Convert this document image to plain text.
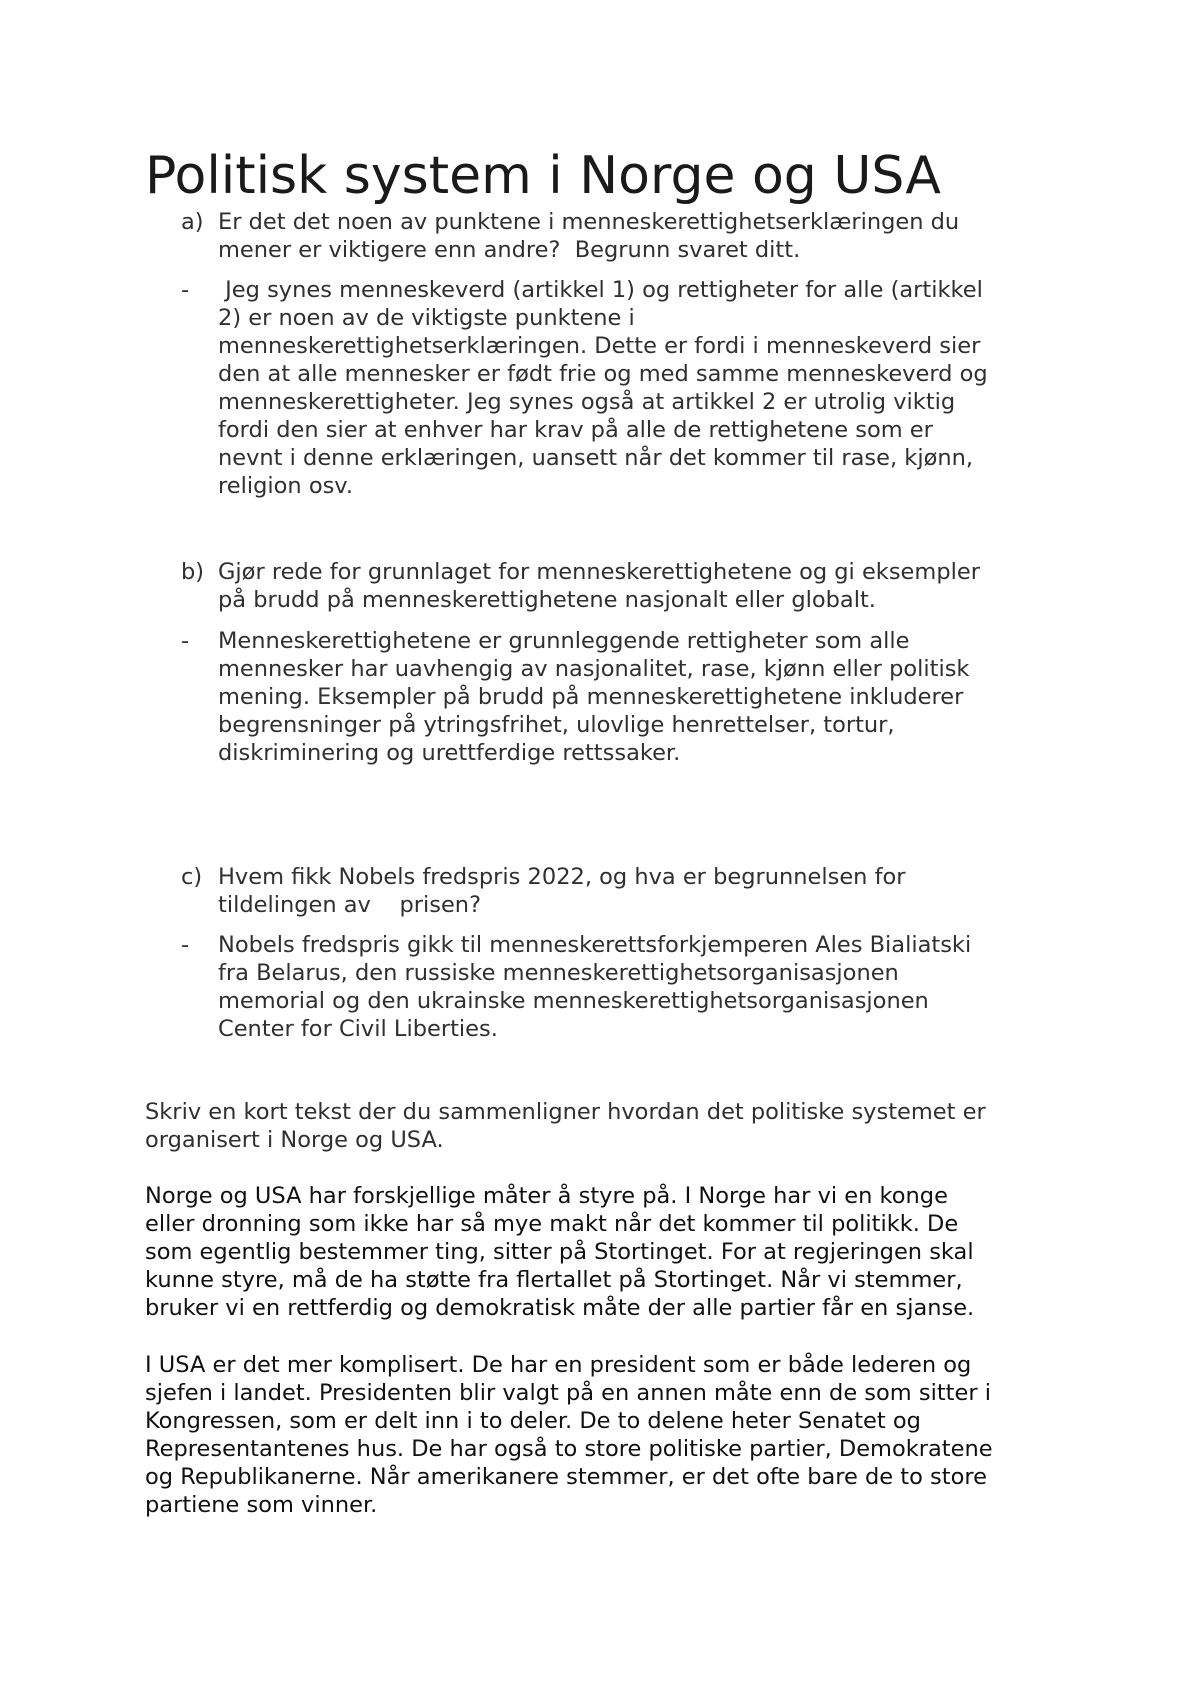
Politisk system i Norge og USA
a) Er det det noen av punktene i menneskerettighetserklæringen du
mener er viktigere enn andre?  Begrunn svaret ditt.
-	Jeg synes menneskeverd (artikkel 1) og rettigheter for alle (artikkel
2) er noen av de viktigste punktene i
menneskerettighetserklæringen. Dette er fordi i menneskeverd sier
den at alle mennesker er født frie og med samme menneskeverd og
menneskerettigheter. Jeg synes også at artikkel 2 er utrolig viktig
fordi den sier at enhver har krav på alle de rettighetene som er
nevnt i denne erklæringen, uansett når det kommer til rase, kjønn,
religion osv.
b) Gjør rede for grunnlaget for menneskerettighetene og gi eksempler
på brudd på menneskerettighetene nasjonalt eller globalt.
- Menneskerettighetene er grunnleggende rettigheter som alle
mennesker har uavhengig av nasjonalitet, rase, kjønn eller politisk
mening. Eksempler på brudd på menneskerettighetene inkluderer
begrensninger på ytringsfrihet, ulovlige henrettelser, tortur,
diskriminering og urettferdige rettssaker.
c) Hvem fikk Nobels fredspris 2022, og hva er begrunnelsen for
tildelingen av    prisen?
- Nobels fredspris gikk til menneskerettsforkjemperen Ales Bialiatski
fra Belarus, den russiske menneskerettighetsorganisasjonen
memorial og den ukrainske menneskerettighetsorganisasjonen
Center for Civil Liberties.
Skriv en kort tekst der du sammenligner hvordan det politiske systemet er
organisert i Norge og USA.
Norge og USA har forskjellige måter å styre på. I Norge har vi en konge
eller dronning som ikke har så mye makt når det kommer til politikk. De
som egentlig bestemmer ting, sitter på Stortinget. For at regjeringen skal
kunne styre, må de ha støtte fra flertallet på Stortinget. Når vi stemmer,
bruker vi en rettferdig og demokratisk måte der alle partier får en sjanse.
I USA er det mer komplisert. De har en president som er både lederen og
sjefen i landet. Presidenten blir valgt på en annen måte enn de som sitter i
Kongressen, som er delt inn i to deler. De to delene heter Senatet og
Representantenes hus. De har også to store politiske partier, Demokratene
og Republikanerne. Når amerikanere stemmer, er det ofte bare de to store
partiene som vinner.
